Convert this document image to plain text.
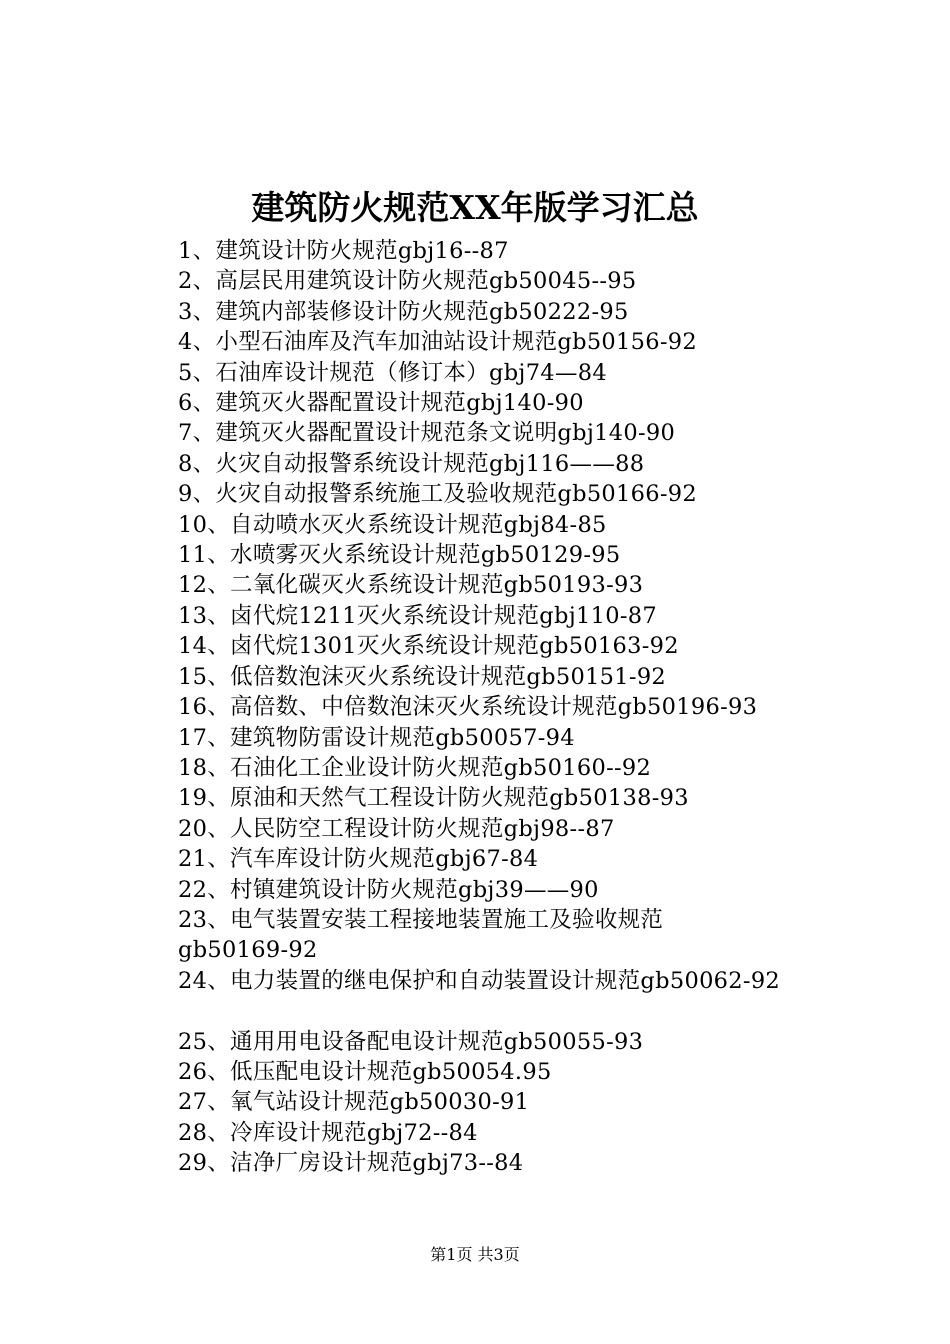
建筑防火规范XX年版学习汇总
1、建筑设计防火规范gbj16--87
2、高层民用建筑设计防火规范gb50045--95
3、建筑内部装修设计防火规范gb50222-95
4、小型石油库及汽车加油站设计规范gb50156-92
5、石油库设计规范（修订本）gbj74—84
6、建筑灭火器配置设计规范gbj140-90
7、建筑灭火器配置设计规范条文说明gbj140-90
8、火灾自动报警系统设计规范gbj116——88
9、火灾自动报警系统施工及验收规范gb50166-92
10、自动喷水灭火系统设计规范gbj84-85
11、水喷雾灭火系统设计规范gb50129-95
12、二氧化碳灭火系统设计规范gb50193-93
13、卤代烷1211灭火系统设计规范gbj110-87
14、卤代烷1301灭火系统设计规范gb50163-92
15、低倍数泡沫灭火系统设计规范gb50151-92
16、高倍数、中倍数泡沫灭火系统设计规范gb50196-93
17、建筑物防雷设计规范gb50057-94
18、石油化工企业设计防火规范gb50160--92
19、原油和天然气工程设计防火规范gb50138-93
20、人民防空工程设计防火规范gbj98--87
21、汽车库设计防火规范gbj67-84
22、村镇建筑设计防火规范gbj39——90
23、电气装置安装工程接地装置施工及验收规范gb50169-92
24、电力装置的继电保护和自动装置设计规范gb50062-92
25、通用用电设备配电设计规范gb50055-93
26、低压配电设计规范gb50054.95
27、氧气站设计规范gb50030-91
28、冷库设计规范gbj72--84
29、洁净厂房设计规范gbj73--84
第1页 共3页
